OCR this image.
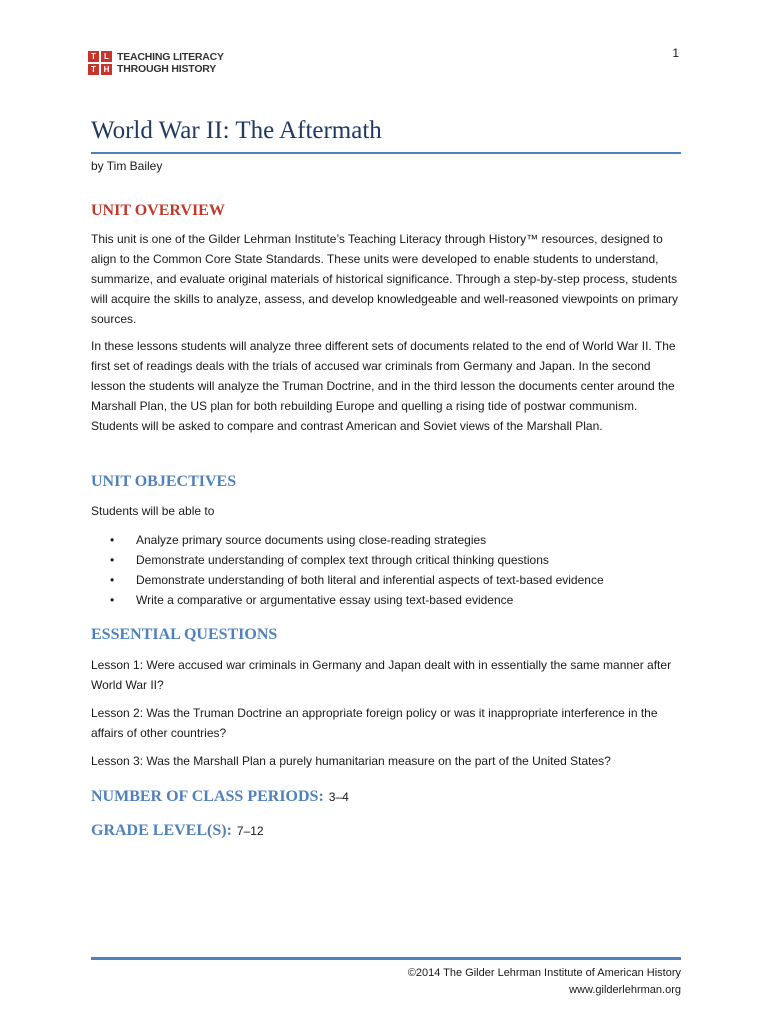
1
T	L
T H
TEACHING LITERACY
THROUGH HISTORY
World War II: The Aftermath
by Tim Bailey
UNIT OVERVIEW

This unit is one of the Gilder Lehrman Institute’s Teaching Literacy through History™ resources, designed to align to the Common Core State Standards. These units were developed to enable students to understand, summarize, and evaluate original materials of historical significance. Through a step-by-step process, students will acquire the skills to analyze, assess, and develop knowledgeable and well-reasoned viewpoints on primary sources.

In these lessons students will analyze three different sets of documents related to the end of World War II. The first set of readings deals with the trials of accused war criminals from Germany and Japan. In the second lesson the students will analyze the Truman Doctrine, and in the third lesson the documents center around the Marshall Plan, the US plan for both rebuilding Europe and quelling a rising tide of postwar communism. Students will be asked to compare and contrast American and Soviet views of the Marshall Plan.

UNIT OBJECTIVES

Students will be able to

• Analyze primary source documents using close-reading strategies
• Demonstrate understanding of complex text through critical thinking questions
• Demonstrate understanding of both literal and inferential aspects of text-based evidence
• Write a comparative or argumentative essay using text-based evidence
ESSENTIAL QUESTIONS

Lesson 1: Were accused war criminals in Germany and Japan dealt with in essentially the same manner after World War II?

Lesson 2: Was the Truman Doctrine an appropriate foreign policy or was it inappropriate interference in the affairs of other countries?

Lesson 3: Was the Marshall Plan a purely humanitarian measure on the part of the United States?

NUMBER OF CLASS PERIODS: 3–4
GRADE LEVEL(S): 7–12
©2014 The Gilder Lehrman Institute of American History
www.gilderlehrman.org
